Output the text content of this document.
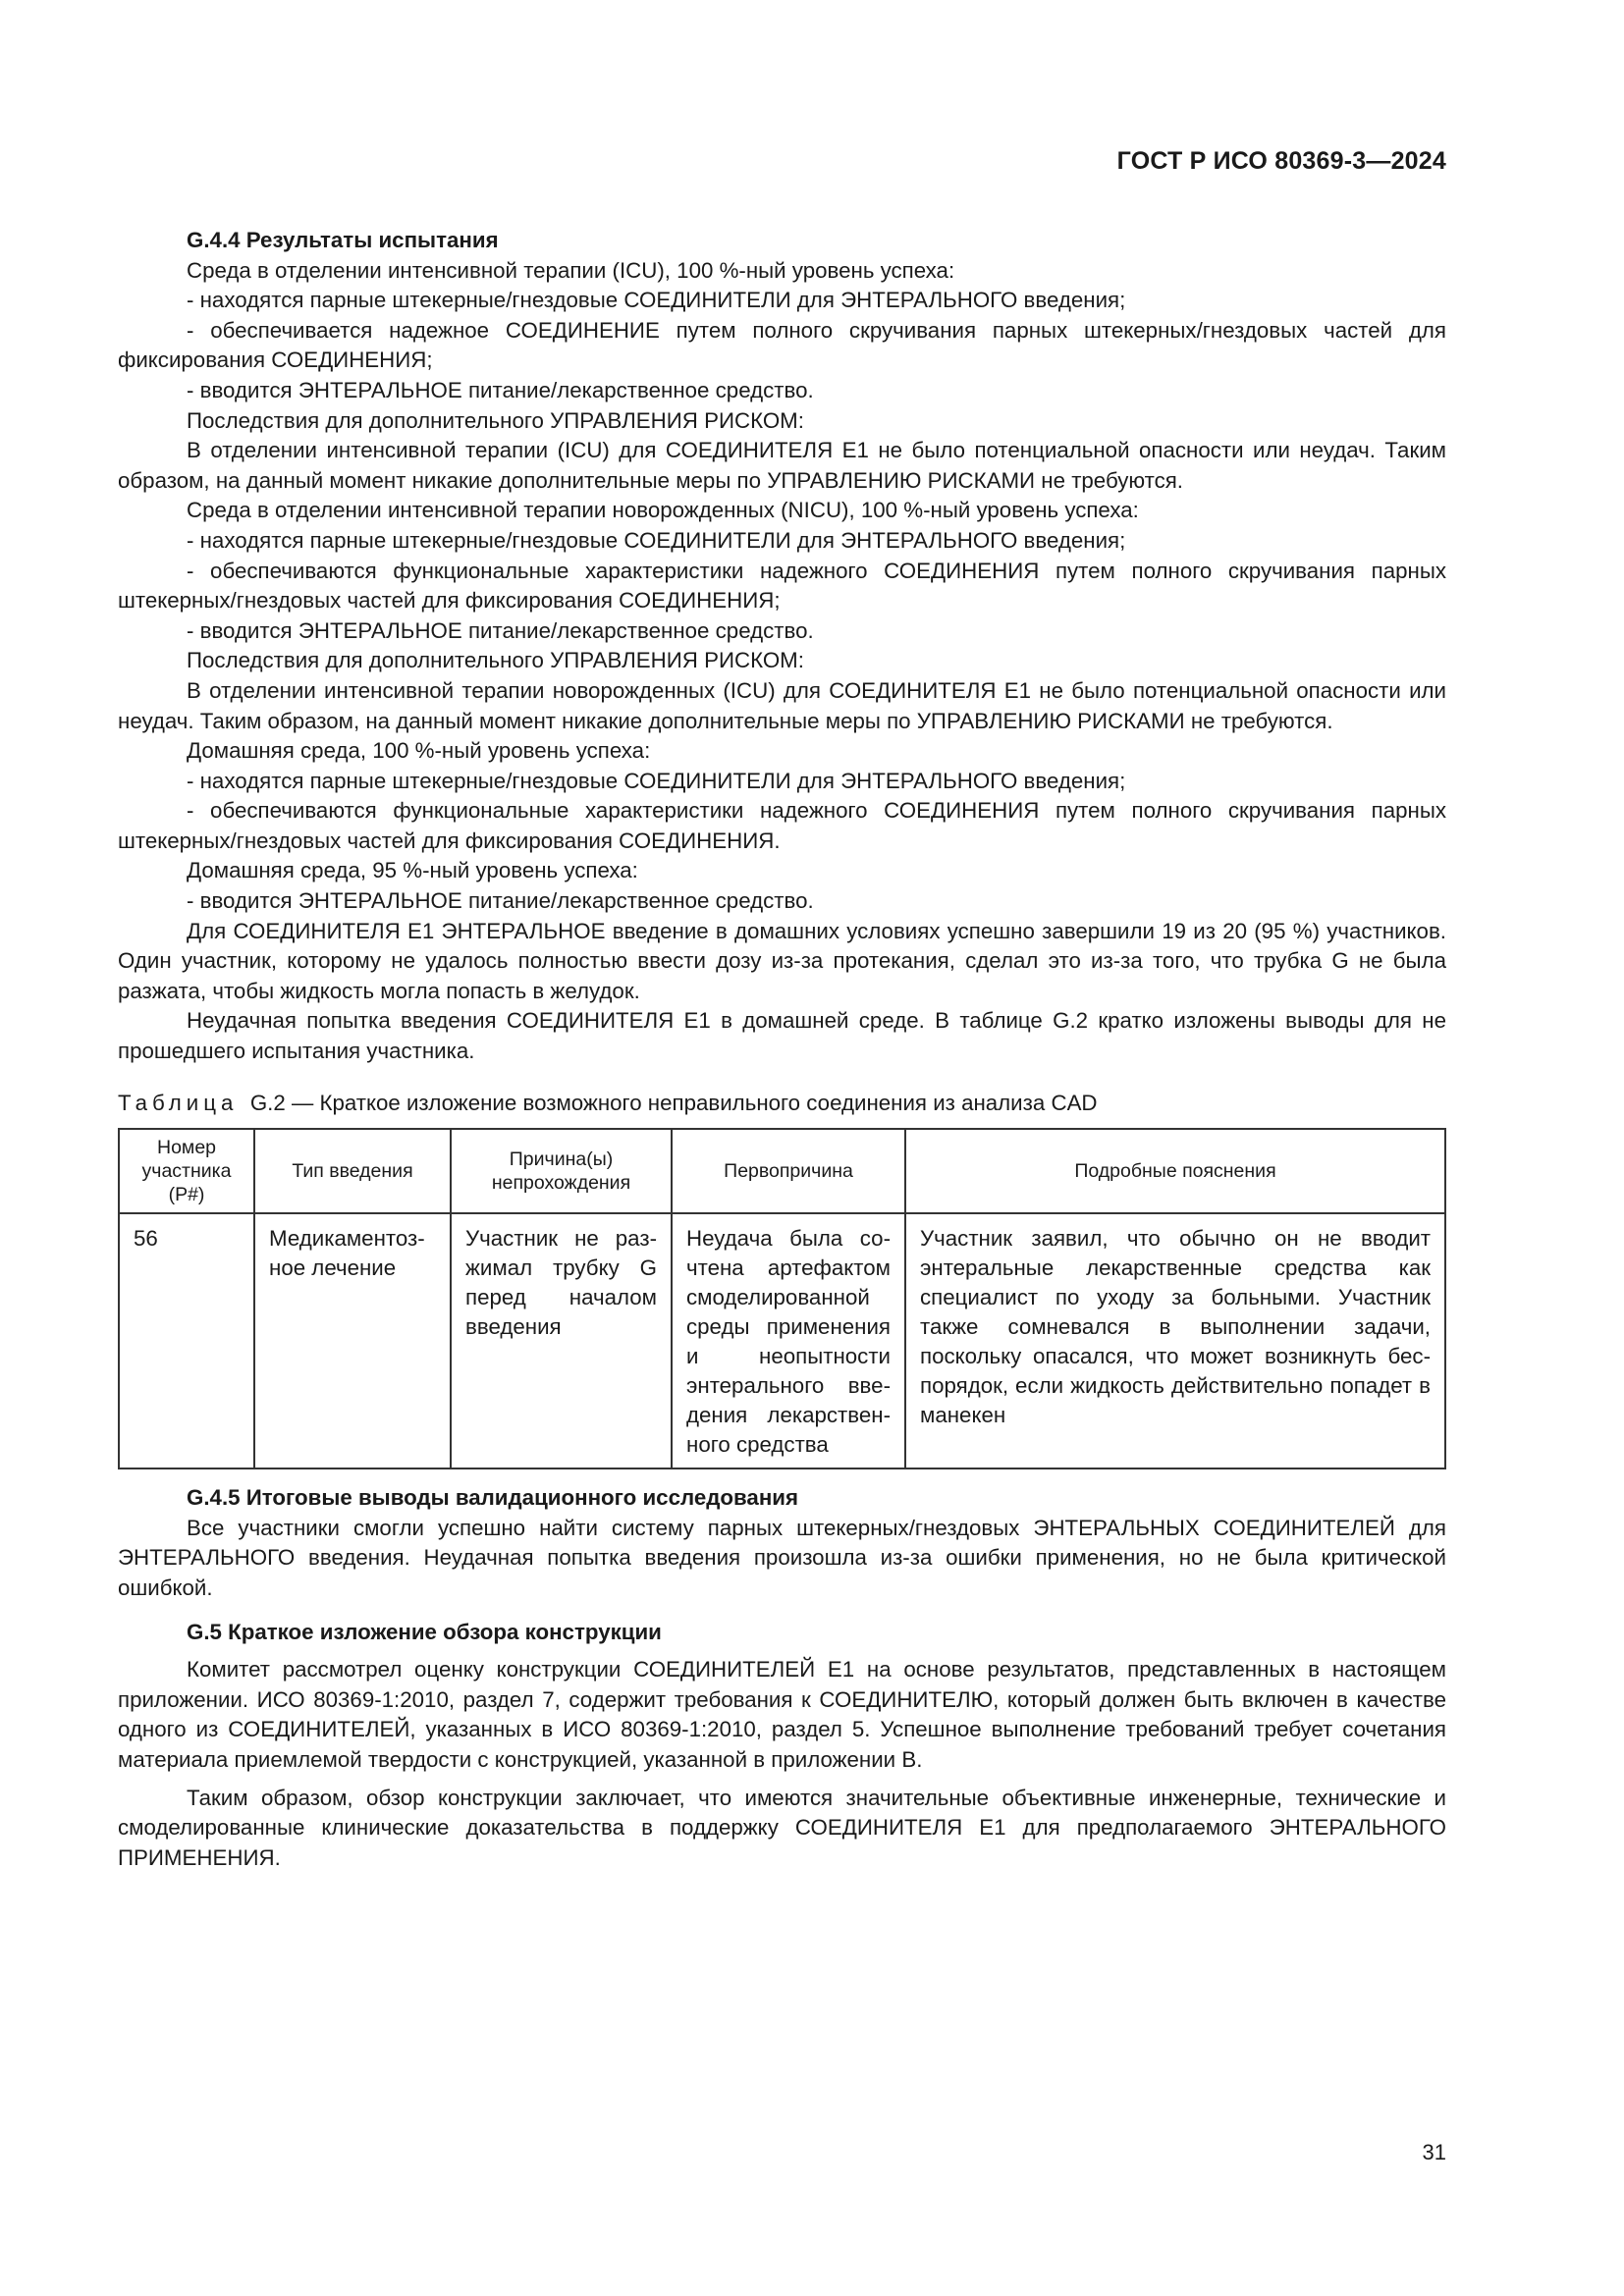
ГОСТ Р ИСО 80369-3—2024

G.4.4 Результаты испытания

Среда в отделении интенсивной терапии (ICU), 100 %-ный уровень успеха:

- находятся парные штекерные/гнездовые СОЕДИНИТЕЛИ для ЭНТЕРАЛЬНОГО введения;

- обеспечивается надежное СОЕДИНЕНИЕ путем полного скручивания парных штекерных/гнездовых частей для фиксирования СОЕДИНЕНИЯ;

- вводится ЭНТЕРАЛЬНОЕ питание/лекарственное средство.

Последствия для дополнительного УПРАВЛЕНИЯ РИСКОМ:

В отделении интенсивной терапии (ICU) для СОЕДИНИТЕЛЯ Е1 не было потенциальной опасности или неудач. Таким образом, на данный момент никакие дополнительные меры по УПРАВЛЕНИЮ РИСКАМИ не требуются.

Среда в отделении интенсивной терапии новорожденных (NICU), 100 %-ный уровень успеха:

- находятся парные штекерные/гнездовые СОЕДИНИТЕЛИ для ЭНТЕРАЛЬНОГО введения;

- обеспечиваются функциональные характеристики надежного СОЕДИНЕНИЯ путем полного скручивания парных штекерных/гнездовых частей для фиксирования СОЕДИНЕНИЯ;

- вводится ЭНТЕРАЛЬНОЕ питание/лекарственное средство.

Последствия для дополнительного УПРАВЛЕНИЯ РИСКОМ:

В отделении интенсивной терапии новорожденных (ICU) для СОЕДИНИТЕЛЯ Е1 не было потенциальной опасности или неудач. Таким образом, на данный момент никакие дополнительные меры по УПРАВЛЕНИЮ РИСКАМИ не требуются.

Домашняя среда, 100 %-ный уровень успеха:

- находятся парные штекерные/гнездовые СОЕДИНИТЕЛИ для ЭНТЕРАЛЬНОГО введения;

- обеспечиваются функциональные характеристики надежного СОЕДИНЕНИЯ путем полного скручивания парных штекерных/гнездовых частей для фиксирования СОЕДИНЕНИЯ.

Домашняя среда, 95 %-ный уровень успеха:

- вводится ЭНТЕРАЛЬНОЕ питание/лекарственное средство.

Для СОЕДИНИТЕЛЯ Е1 ЭНТЕРАЛЬНОЕ введение в домашних условиях успешно завершили 19 из 20 (95 %) участников. Один участник, которому не удалось полностью ввести дозу из-за протекания, сделал это из-за того, что трубка G не была разжата, чтобы жидкость могла попасть в желудок.

Неудачная попытка введения СОЕДИНИТЕЛЯ Е1 в домашней среде. В таблице G.2 кратко изложены выводы для не прошедшего испытания участника.

Таблица G.2 — Краткое изложение возможного неправильного соединения из анализа CAD
Номер участника (P#)	Тип введения	Причина(ы) непрохождения	Первопричина	Подробные пояснения
56	Медикаментозное лечение	Участник не разжимал трубку G перед началом введения	Неудача была сочтена артефактом смоделированной среды применения и неопытности энтерального введения лекарственного средства	Участник заявил, что обычно он не вводит энтеральные лекарственные средства как специалист по уходу за больными. Участник также сомневался в выполнении задачи, поскольку опасался, что может возникнуть беспорядок, если жидкость действительно попадет в манекен

G.4.5 Итоговые выводы валидационного исследования

Все участники смогли успешно найти систему парных штекерных/гнездовых ЭНТЕРАЛЬНЫХ СОЕДИНИТЕЛЕЙ для ЭНТЕРАЛЬНОГО введения. Неудачная попытка введения произошла из-за ошибки применения, но не была критической ошибкой.

G.5 Краткое изложение обзора конструкции

Комитет рассмотрел оценку конструкции СОЕДИНИТЕЛЕЙ Е1 на основе результатов, представленных в настоящем приложении. ИСО 80369-1:2010, раздел 7, содержит требования к СОЕДИНИТЕЛЮ, который должен быть включен в качестве одного из СОЕДИНИТЕЛЕЙ, указанных в ИСО 80369-1:2010, раздел 5. Успешное выполнение требований требует сочетания материала приемлемой твердости с конструкцией, указанной в приложении В.

Таким образом, обзор конструкции заключает, что имеются значительные объективные инженерные, технические и смоделированные клинические доказательства в поддержку СОЕДИНИТЕЛЯ Е1 для предполагаемого ЭНТЕРАЛЬНОГО ПРИМЕНЕНИЯ.

31
